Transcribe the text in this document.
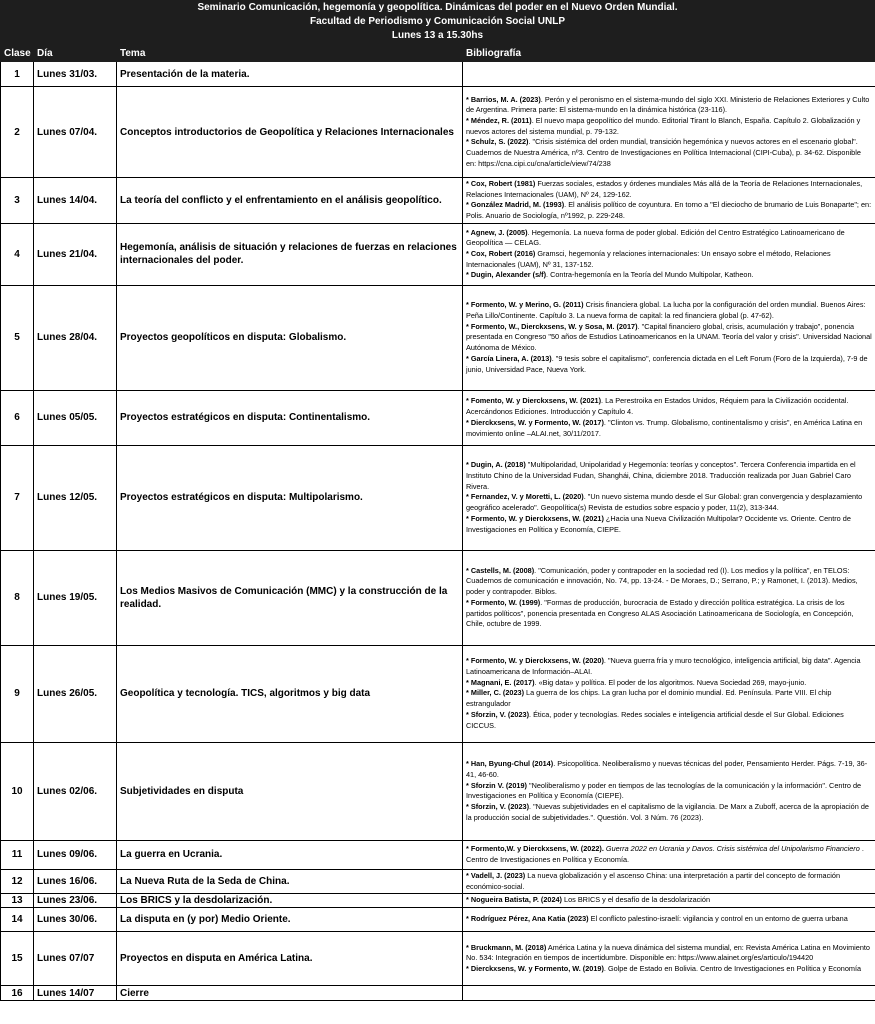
Seminario Comunicación, hegemonía y geopolítica. Dinámicas del poder en el Nuevo Orden Mundial.
Facultad de Periodismo y Comunicación Social UNLP
Lunes 13 a 15.30hs
Clase	Día	Tema	Bibliografía
1	Lunes 31/03.	Presentación de la materia.	
2	Lunes 07/04.	Conceptos introductorios de Geopolítica y Relaciones Internacionales	* Barrios, M. A. (2023). Perón y el peronismo en el sistema-mundo del siglo XXI. Ministerio de Relaciones Exteriores y Culto de Argentina. Primera parte: El sistema-mundo en la dinámica histórica (23-116).
* Méndez, R. (2011). El nuevo mapa geopolítico del mundo. Editorial Tirant lo Blanch, España. Capítulo 2. Globalización y nuevos actores del sistema mundial, p. 79-132.
* Schulz, S. (2022). "Crisis sistémica del orden mundial, transición hegemónica y nuevos actores en el escenario global". Cuadernos de Nuestra América, nº3. Centro de Investigaciones en Política Internacional (CIPI-Cuba), p. 34-62. Disponible en: https://cna.cipi.cu/cna/article/view/74/238

3	Lunes 14/04.	La teoría del conflicto y el enfrentamiento en el análisis geopolítico.	* Cox, Robert (1981) Fuerzas sociales, estados y órdenes mundiales Más allá de la Teoría de Relaciones Internacionales, Relaciones Internacionales (UAM), Nº 24, 129-162.
* González Madrid, M. (1993). El análisis político de coyuntura. En torno a "El dieciocho de brumario de Luis Bonaparte"; en: Polis. Anuario de Sociología, nº1992, p. 229-248.

4	Lunes 21/04.	Hegemonía, análisis de situación y relaciones de fuerzas en relaciones internacionales del poder.	* Agnew, J. (2005). Hegemonía. La nueva forma de poder global. Edición del Centro Estratégico Latinoamericano de Geopolítica — CELAG.
* Cox, Robert (2016) Gramsci, hegemonía y relaciones internacionales: Un ensayo sobre el método, Relaciones Internacionales (UAM), Nº 31, 137-152.
* Dugin, Alexander (s/f). Contra-hegemonía en la Teoría del Mundo Multipolar, Katheon.

5	Lunes 28/04.	Proyectos geopolíticos en disputa: Globalismo.	* Formento, W. y Merino, G. (2011) Crisis financiera global. La lucha por la configuración del orden mundial. Buenos Aires: Peña Lillo/Continente. Capítulo 3. La nueva forma de capital: la red financiera global (p. 47-62).
* Formento, W., Dierckxsens, W. y Sosa, M. (2017). "Capital financiero global, crisis, acumulación y trabajo", ponencia presentada en Congreso "50 años de Estudios Latinoamericanos en la UNAM. Teoría del valor y crisis". Universidad Nacional Autónoma de México.
* García Linera, A. (2013). "9 tesis sobre el capitalismo", conferencia dictada en el Left Forum (Foro de la Izquierda), 7-9 de junio, Universidad Pace, Nueva York.

6	Lunes 05/05.	Proyectos estratégicos en disputa: Continentalismo.	* Fomento, W. y Dierckxsens, W. (2021). La Perestroika en Estados Unidos, Réquiem para la Civilización occidental. Acercándonos Ediciones. Introducción y Capítulo 4.
* Dierckxsens, W. y Formento, W. (2017). "Clinton vs. Trump. Globalismo, continentalismo y crisis", en América Latina en movimiento online –ALAI.net, 30/11/2017.

7	Lunes 12/05.	Proyectos estratégicos en disputa: Multipolarismo.	* Dugin, A. (2018) "Multipolaridad, Unipolaridad y Hegemonía: teorías y conceptos". Tercera Conferencia impartida en el Instituto Chino de la Universidad Fudan, Shanghái, China, diciembre 2018. Traducción realizada por Juan Gabriel Caro Rivera.
* Fernandez, V. y Moretti, L. (2020). "Un nuevo sistema mundo desde el Sur Global: gran convergencia y desplazamiento geográfico acelerado". Geopolítica(s) Revista de estudios sobre espacio y poder, 11(2), 313-344.
* Formento, W. y Dierckxsens, W. (2021) ¿Hacia una Nueva Civilización Multipolar? Occidente vs. Oriente. Centro de Investigaciones en Política y Economía, CIEPE.

8	Lunes 19/05.	Los Medios Masivos de Comunicación (MMC) y la construcción de la realidad.	* Castells, M. (2008). "Comunicación, poder y contrapoder en la sociedad red (I). Los medios y la política", en TELOS: Cuadernos de comunicación e innovación, No. 74, pp. 13-24. - De Moraes, D.; Serrano, P.; y Ramonet, I. (2013). Medios, poder y contrapoder. Biblos.
* Formento, W. (1999). "Formas de producción, burocracia de Estado y dirección política estratégica. La crisis de los partidos políticos", ponencia presentada en Congreso ALAS Asociación Latinoamericana de Sociología, en Concepción, Chile, octubre de 1999.

9	Lunes 26/05.	Geopolítica y tecnología. TICS, algoritmos y big data	* Formento, W. y Dierckxsens, W. (2020). "Nueva guerra fría y muro tecnológico, inteligencia artificial, big data". Agencia Latinoamericana de Información–ALAI.
* Magnani, E. (2017). «Big data» y política. El poder de los algoritmos. Nueva Sociedad 269, mayo-junio.
* Miller, C. (2023) La guerra de los chips. La gran lucha por el dominio mundial. Ed. Península. Parte VIII. El chip estrangulador
* Sforzin, V. (2023). Ética, poder y tecnologías. Redes sociales e inteligencia artificial desde el Sur Global. Ediciones CICCUS.

10	Lunes 02/06.	Subjetividades en disputa	* Han, Byung-Chul (2014). Psicopolítica. Neoliberalismo y nuevas técnicas del poder, Pensamiento Herder. Págs. 7-19, 36-41, 46-60.
* Sforzin V. (2019) "Neoliberalismo y poder en tiempos de las tecnologías de la comunicación y la información". Centro de Investigaciones en Política y Economía (CIEPE).
* Sforzin, V. (2023). "Nuevas subjetividades en el capitalismo de la vigilancia. De Marx a Zuboff, acerca de la apropiación de la producción social de subjetividades.". Questión. Vol. 3 Núm. 76 (2023).

11	Lunes 09/06.	La guerra en Ucrania.	* Formento,W. y Dierckxsens, W. (2022). Guerra 2022 en Ucrania y Davos. Crisis sistémica del Unipolarismo Financiero . Centro de Investigaciones en Política y Economía.

12	Lunes 16/06.	La Nueva Ruta de la Seda de China.	* Vadell, J. (2023) La nueva globalización y el ascenso China: una interpretación a partir del concepto de formación económico-social.

13	Lunes 23/06.	Los BRICS y la desdolarización.	* Nogueira Batista, P. (2024) Los BRICS y el desafío de la desdolarización

14	Lunes 30/06.	La disputa en (y por) Medio Oriente.	* Rodríguez Pérez, Ana Katia (2023) El conflicto palestino-israelí: vigilancia y control en un entorno de guerra urbana

15	Lunes 07/07	Proyectos en disputa en América Latina.	* Bruckmann, M. (2018) América Latina y la nueva dinámica del sistema mundial, en: Revista América Latina en Movimiento No. 534: Integración en tiempos de incertidumbre. Disponible en: https://www.alainet.org/es/articulo/194420
* Dierckxsens, W. y Formento, W. (2019). Golpe de Estado en Bolivia. Centro de Investigaciones en Política y Economía

16	Lunes 14/07	Cierre	
